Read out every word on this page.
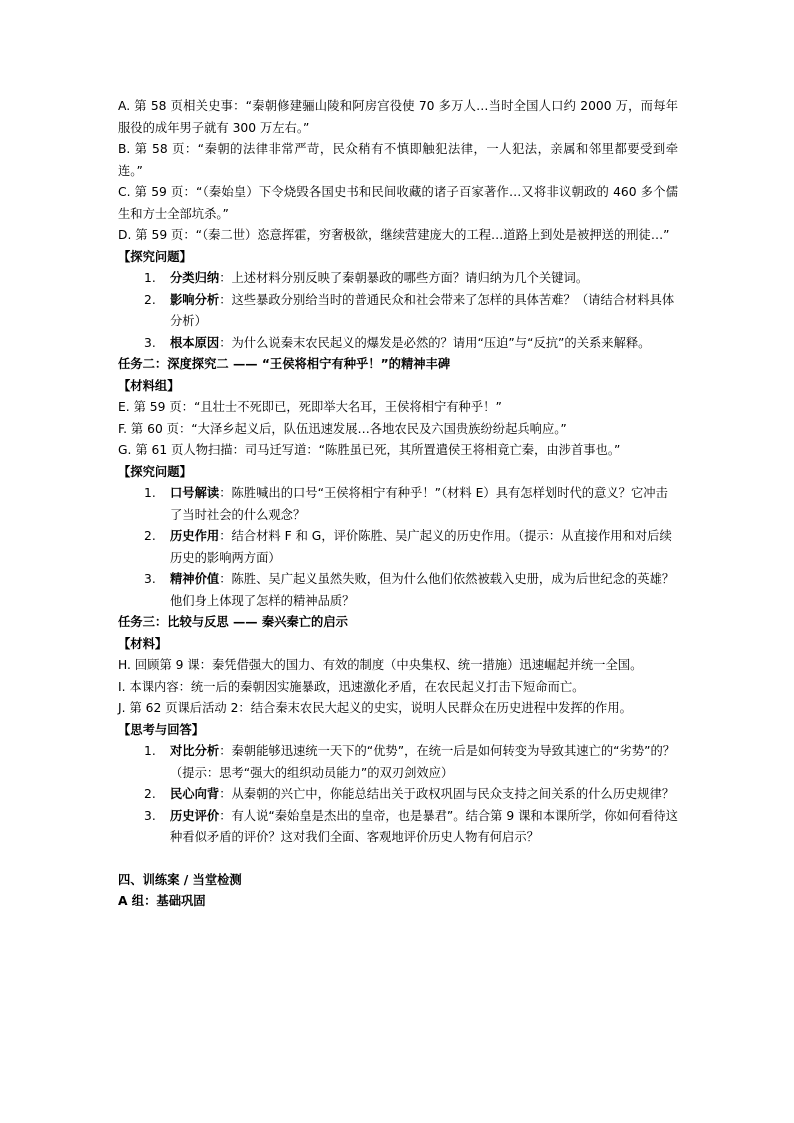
A. 第 58 页相关史事：“秦朝修建骊山陵和阿房宫役使 70 多万人…当时全国人口约 2000 万，而每年服役的成年男子就有 300 万左右。”

B. 第 58 页：“秦朝的法律非常严苛，民众稍有不慎即触犯法律，一人犯法，亲属和邻里都要受到牵连。”

C. 第 59 页：“（秦始皇）下令烧毁各国史书和民间收藏的诸子百家著作…又将非议朝政的 460 多个儒生和方士全部坑杀。”

D. 第 59 页：“（秦二世）恣意挥霍，穷奢极欲，继续营建庞大的工程…道路上到处是被押送的刑徒…”

【探究问题】

1. 分类归纳：上述材料分别反映了秦朝暴政的哪些方面？请归纳为几个关键词。
2. 影响分析：这些暴政分别给当时的普通民众和社会带来了怎样的具体苦难？（请结合材料具体分析）
3. 根本原因：为什么说秦末农民起义的爆发是必然的？请用“压迫”与“反抗”的关系来解释。

任务二：深度探究二 —— “王侯将相宁有种乎！”的精神丰碑

【材料组】

E. 第 59 页：“且壮士不死即已，死即举大名耳，王侯将相宁有种乎！”

F. 第 60 页：“大泽乡起义后，队伍迅速发展…各地农民及六国贵族纷纷起兵响应。”

G. 第 61 页人物扫描：司马迁写道：“陈胜虽已死，其所置遣侯王将相竟亡秦，由涉首事也。”

【探究问题】

1. 口号解读：陈胜喊出的口号“王侯将相宁有种乎！”（材料 E）具有怎样划时代的意义？它冲击了当时社会的什么观念？
2. 历史作用：结合材料 F 和 G，评价陈胜、吴广起义的历史作用。（提示：从直接作用和对后续历史的影响两方面）
3. 精神价值：陈胜、吴广起义虽然失败，但为什么他们依然被载入史册，成为后世纪念的英雄？他们身上体现了怎样的精神品质？

任务三：比较与反思 —— 秦兴秦亡的启示

【材料】

H. 回顾第 9 课：秦凭借强大的国力、有效的制度（中央集权、统一措施）迅速崛起并统一全国。

I. 本课内容：统一后的秦朝因实施暴政，迅速激化矛盾，在农民起义打击下短命而亡。

J. 第 62 页课后活动 2：结合秦末农民大起义的史实，说明人民群众在历史进程中发挥的作用。

【思考与回答】

1. 对比分析：秦朝能够迅速统一天下的“优势”，在统一后是如何转变为导致其速亡的“劣势”的？（提示：思考“强大的组织动员能力”的双刃剑效应）
2. 民心向背：从秦朝的兴亡中，你能总结出关于政权巩固与民众支持之间关系的什么历史规律？
3. 历史评价：有人说“秦始皇是杰出的皇帝，也是暴君”。结合第 9 课和本课所学，你如何看待这种看似矛盾的评价？这对我们全面、客观地评价历史人物有何启示？

四、训练案 / 当堂检测

A 组：基础巩固
